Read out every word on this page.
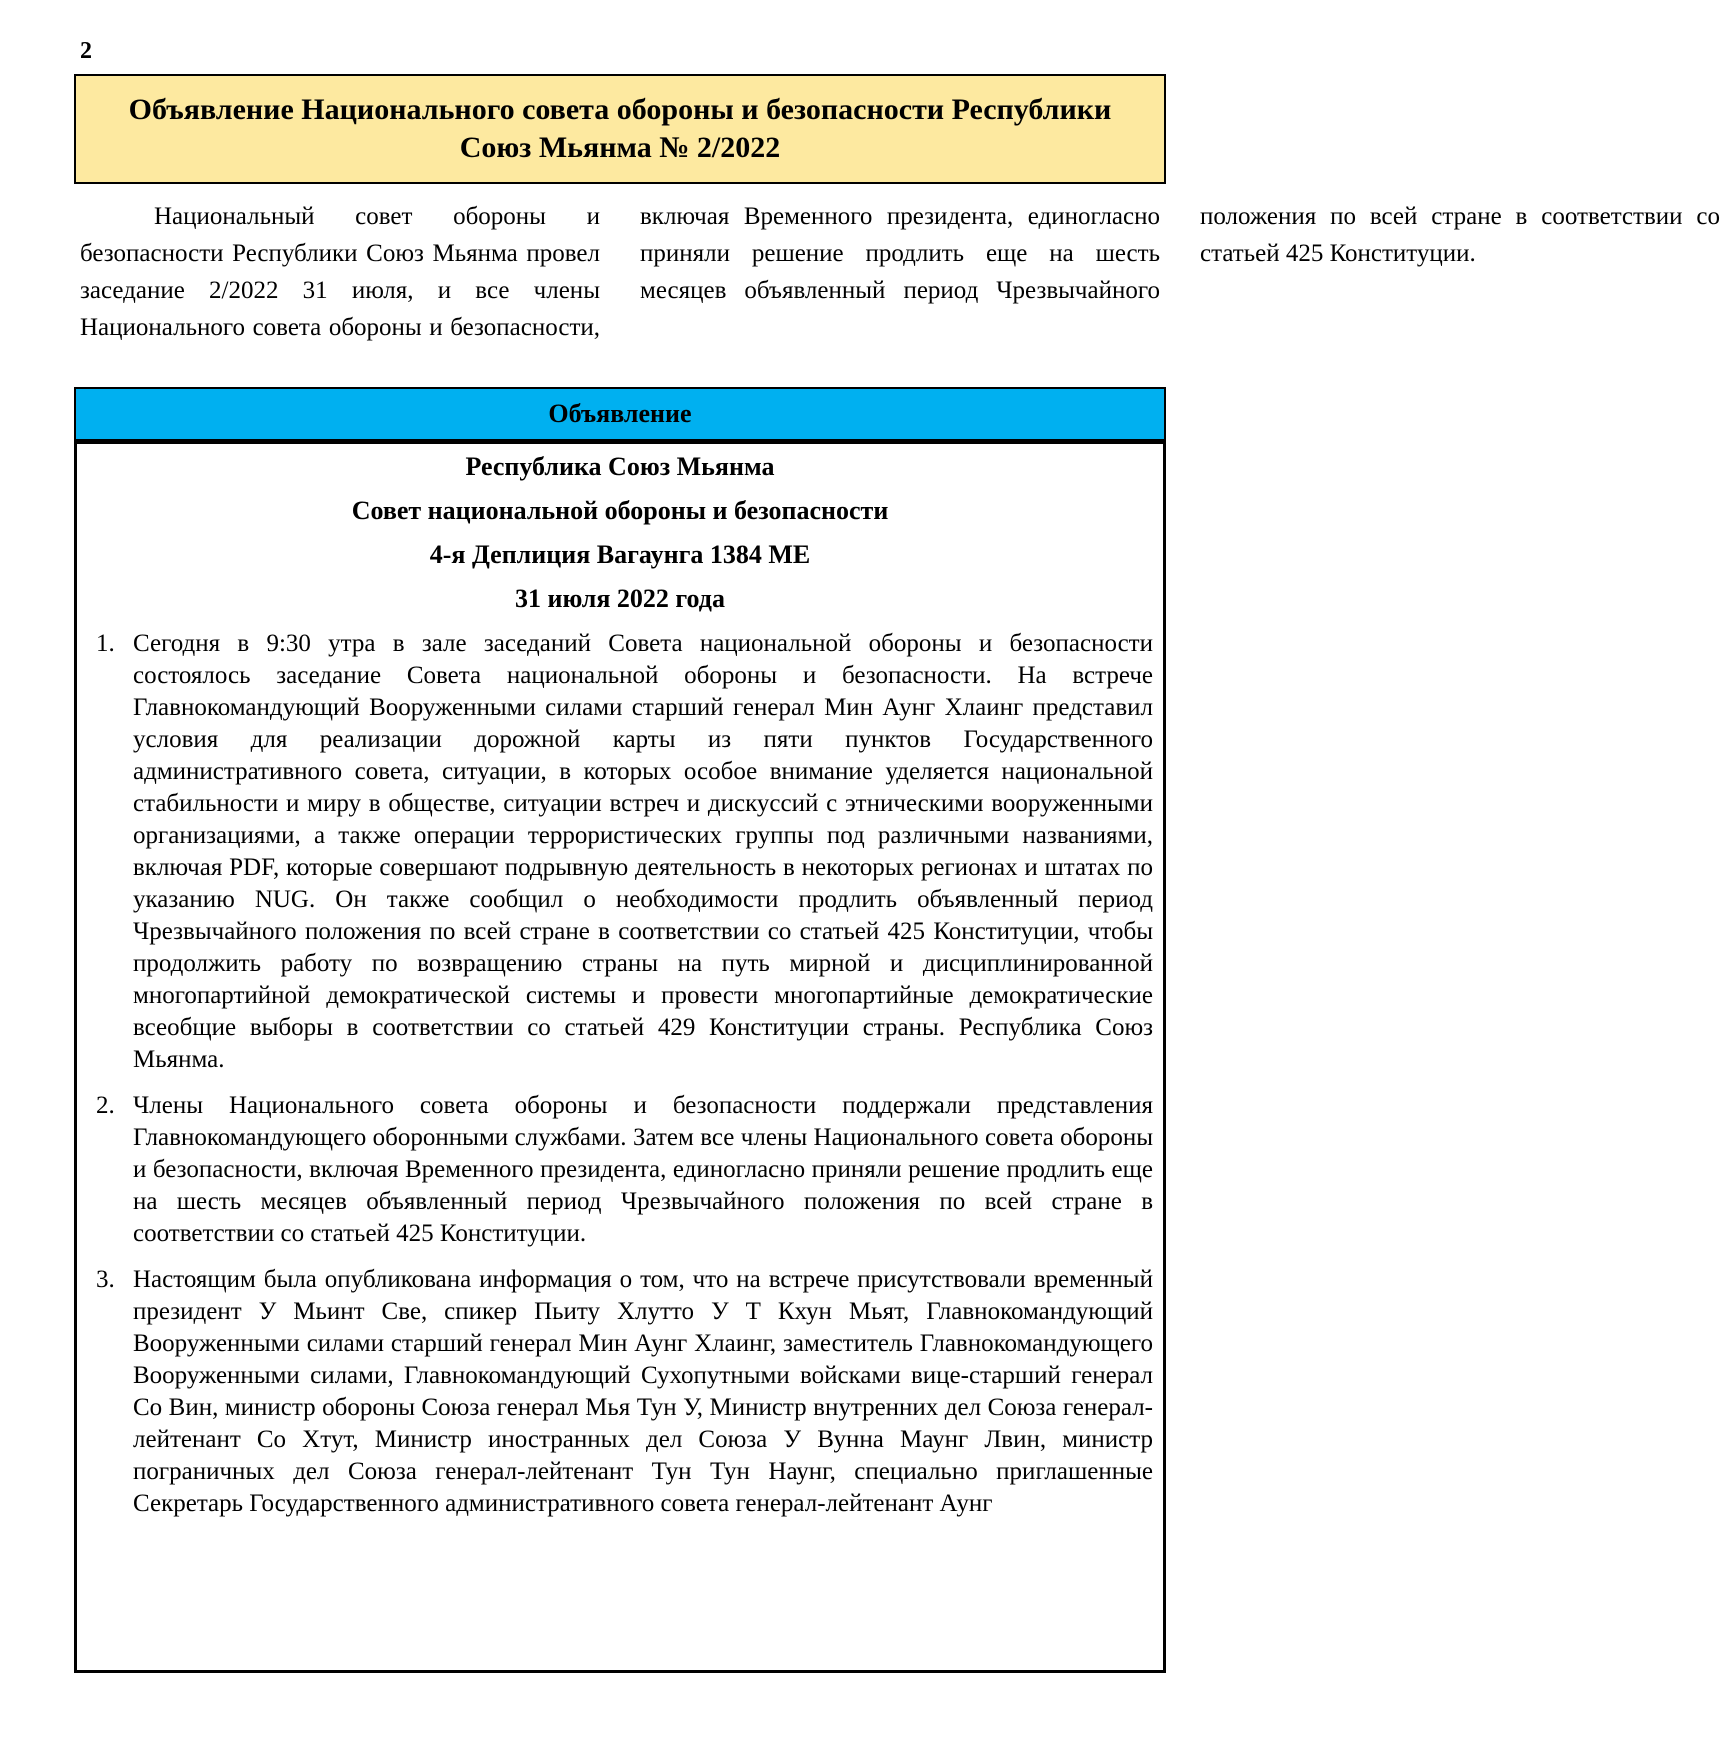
2
Объявление Национального совета обороны и безопасности Республики Союз Мьянма № 2/2022

Национальный совет обороны и безопасности Республики Союз Мьянма провел заседание 2/2022 31 июля, и все члены Национального совета обороны и безопасности, включая Временного президента, единогласно приняли решение продлить еще на шесть месяцев объявленный период Чрезвычайного положения по всей стране в соответствии со статьей 425 Конституции.

Объявление

Республика Союз Мьянма

Совет национальной обороны и безопасности

4-я Деплиция Вагаунга 1384 ME

31 июля 2022 года

1. Сегодня в 9:30 утра в зале заседаний Совета национальной обороны и безопасности состоялось заседание Совета национальной обороны и безопасности. На встрече Главнокомандующий Вооруженными силами старший генерал Мин Аунг Хлаинг представил условия для реализации дорожной карты из пяти пунктов Государственного административного совета, ситуации, в которых особое внимание уделяется национальной стабильности и миру в обществе, ситуации встреч и дискуссий с этническими вооруженными организациями, а также операции террористических группы под различными названиями, включая PDF, которые совершают подрывную деятельность в некоторых регионах и штатах по указанию NUG. Он также сообщил о необходимости продлить объявленный период Чрезвычайного положения по всей стране в соответствии со статьей 425 Конституции, чтобы продолжить работу по возвращению страны на путь мирной и дисциплинированной многопартийной демократической системы и провести многопартийные демократические всеобщие выборы в соответствии со статьей 429 Конституции страны. Республика Союз Мьянма.
2. Члены Национального совета обороны и безопасности поддержали представления Главнокомандующего оборонными службами. Затем все члены Национального совета обороны и безопасности, включая Временного президента, единогласно приняли решение продлить еще на шесть месяцев объявленный период Чрезвычайного положения по всей стране в соответствии со статьей 425 Конституции.
3. Настоящим была опубликована информация о том, что на встрече присутствовали временный президент У Мьинт Све, спикер Пьиту Хлутто У Т Кхун Мьят, Главнокомандующий Вооруженными силами старший генерал Мин Аунг Хлаинг, заместитель Главнокомандующего Вооруженными силами, Главнокомандующий Сухопутными войсками вице-старший генерал Со Вин, министр обороны Союза генерал Мья Тун У, Министр внутренних дел Союза генерал-лейтенант Со Хтут, Министр иностранных дел Союза У Вунна Маунг Лвин, министр пограничных дел Союза генерал-лейтенант Тун Тун Наунг, специально приглашенные Секретарь Государственного административного совета генерал-лейтенант Аунг
